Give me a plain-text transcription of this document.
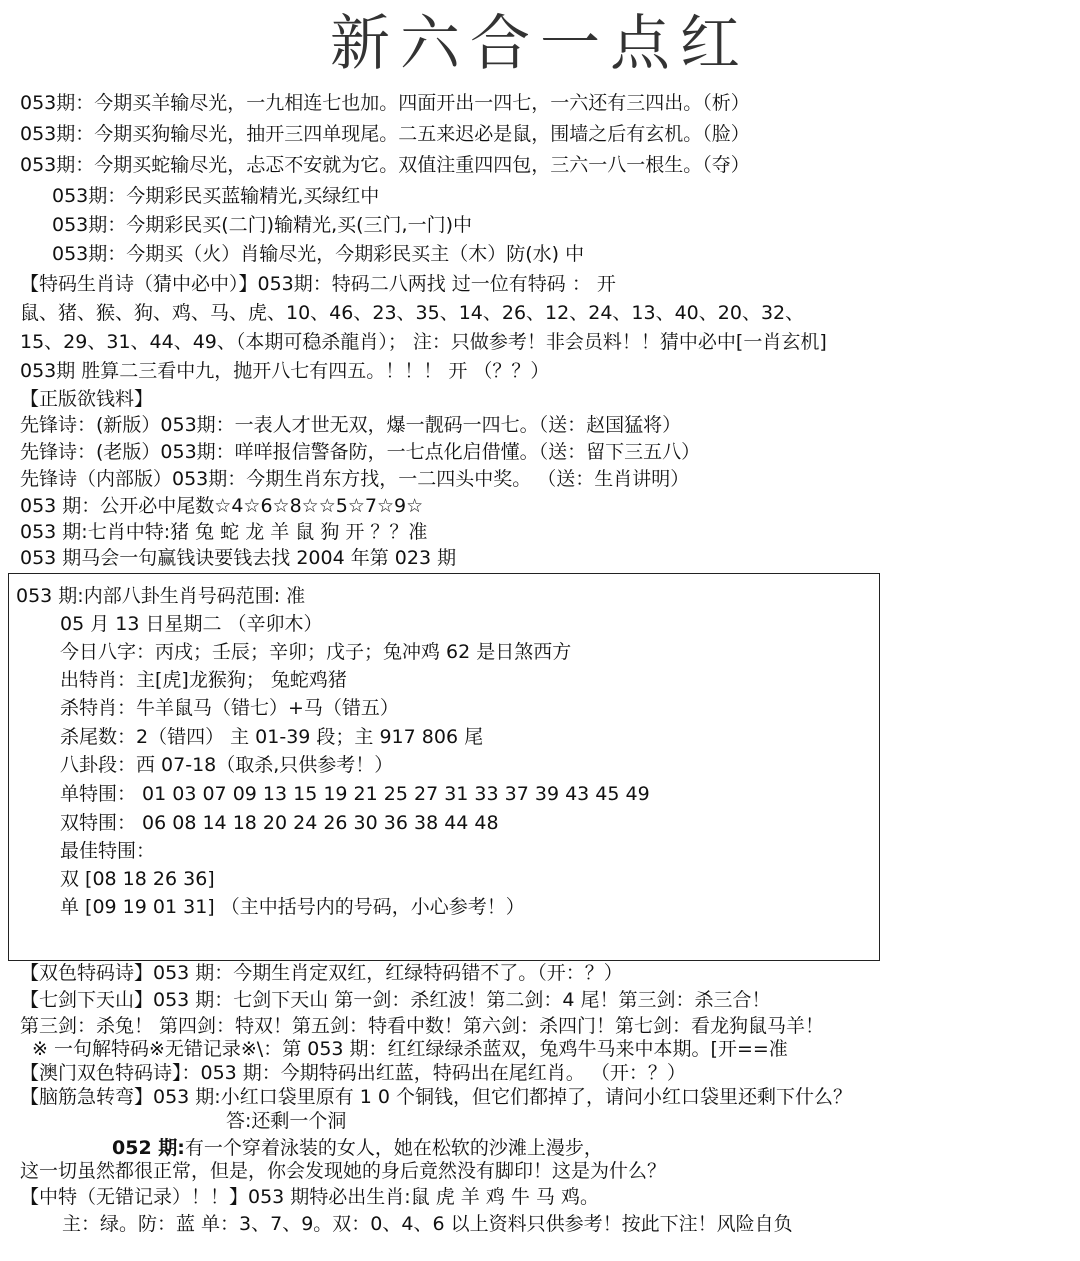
新六合一点红
053期：今期买羊输尽光，一九相连七也加。四面开出一四七，一六还有三四出。（析）
053期：今期买狗输尽光，抽开三四单现尾。二五来迟必是鼠，围墙之后有玄机。（脸）
053期：今期买蛇输尽光，忐忑不安就为它。双值注重四四包，三六一八一根生。（夺）
053期：今期彩民买蓝输精光,买绿红中
053期：今期彩民买(二门)输精光,买(三门,一门)中
053期：今期买（火）肖输尽光，今期彩民买主（木）防(水) 中
【特码生肖诗（猜中必中）】053期：特码二八两找 过一位有特码 ： 开
鼠、猪、猴、狗、鸡、马、虎、10、46、23、35、14、26、12、24、13、40、20、32、
15、29、31、44、49、（本期可稳杀龍肖）； 注：只做参考！非会员料！！猜中必中[一肖玄机]
053期 胜算二三看中九，抛开八七有四五。！！！ 开 （？？）
【正版欲钱料】
先锋诗：(新版）053期：一表人才世无双，爆一靓码一四七。（送：赵国猛将）
先锋诗：(老版）053期：咩咩报信警备防，一七点化启借懂。（送：留下三五八）
先锋诗（内部版）053期：今期生肖东方找，一二四头中奖。 （送：生肖讲明）
053 期：公开必中尾数☆4☆6☆8☆☆5☆7☆9☆
053 期:七肖中特:猪 兔 蛇 龙 羊 鼠 狗 开 ？？准
053 期马会一句赢钱诀要钱去找 2004 年第 023 期
053 期:内部八卦生肖号码范围: 准
05 月 13 日星期二 （辛卯木）
今日八字：丙戌；壬辰；辛卯；戊子；兔冲鸡 62 是日煞西方
出特肖：主[虎]龙猴狗； 兔蛇鸡猪
杀特肖：牛羊鼠马（错七）+马（错五）
杀尾数：2（错四） 主 01-39 段；主 917 806 尾
八卦段：西 07-18（取杀,只供参考！）
单特围： 01 03 07 09 13 15 19 21 25 27 31 33 37 39 43 45 49
双特围： 06 08 14 18 20 24 26 30 36 38 44 48
最佳特围：
双 [08 18 26 36]
单 [09 19 01 31] （主中括号内的号码，小心参考！）
【双色特码诗】053 期：今期生肖定双红，红绿特码错不了。（开：？）
【七剑下天山】053 期：七剑下天山 第一剑：杀红波！第二剑：4 尾！第三剑：杀三合！
第三剑：杀兔！ 第四剑：特双！第五剑：特看中数！第六剑：杀四门！第七剑：看龙狗鼠马羊！
※ 一句解特码※无错记录※\：第 053 期：红红绿绿杀蓝双，兔鸡牛马来中本期。[开==准
【澳门双色特码诗】：053 期：今期特码出红蓝，特码出在尾红肖。 （开：？）
【脑筋急转弯】053 期:小红口袋里原有 1 0 个铜钱，但它们都掉了，请问小红口袋里还剩下什么？
答:还剩一个洞
052 期:有一个穿着泳装的女人，她在松软的沙滩上漫步，
这一切虽然都很正常，但是，你会发现她的身后竟然没有脚印！这是为什么？
【中特（无错记录）！！】053 期特必出生肖:鼠 虎 羊 鸡 牛 马 鸡。
主：绿。防：蓝 单：3、7、9。双：0、4、6 以上资料只供参考！按此下注！风险自负
